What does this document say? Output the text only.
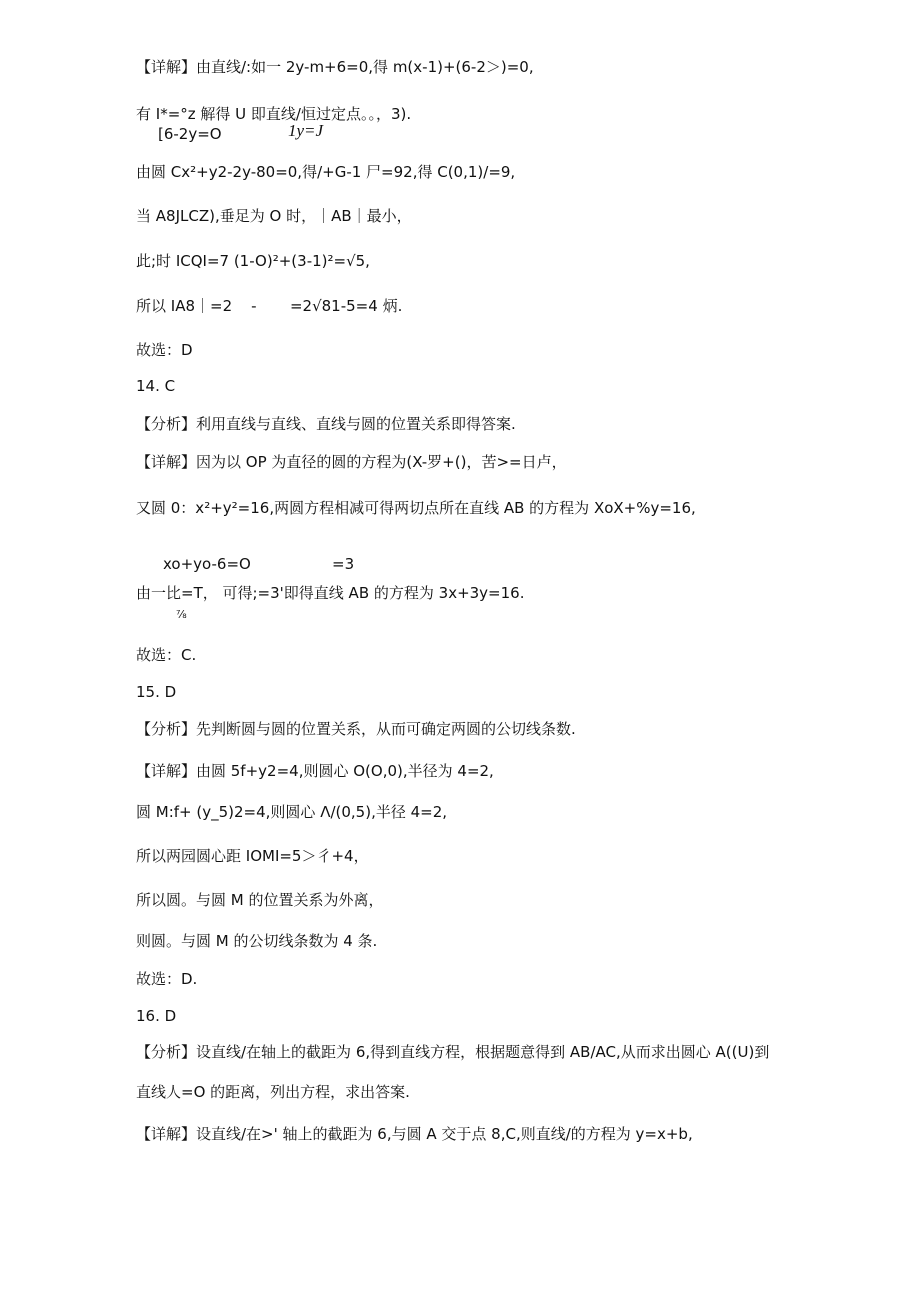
【详解】由直线/:如一 2y-m+6=0,得 m(x-1)+(6-2＞)=0,
有 I*=°z 解得 U 即直线/恒过定点。。，3).
[6-2y=O	1y=J
由圆 Cx²+y2-2y-80=0,得/+G-1 尸=92,得 C(0,1)/=9,
当 A8JLCZ),垂足为 O 时，｜AB｜最小，
此;时 ICQI=7 (1-O)²+(3-1)²=√5,
所以 IA8｜=2    -       =2√81-5=4 炳.
故选：D
14. C
【分析】利用直线与直线、直线与圆的位置关系即得答案.
【详解】因为以 OP 为直径的圆的方程为(X-罗+()，苦>=日卢，
又圆 0：x²+y²=16,两圆方程相减可得两切点所在直线 AB 的方程为 XoX+%y=16,
xo+yo-6=O	=3
由一比=T， 可得;=3'即得直线 AB 的方程为 3x+3y=16.
⅞
故选：C.
15. D
【分析】先判断圆与圆的位置关系，从而可确定两圆的公切线条数.
【详解】由圆 5f+y2=4,则圆心 O(O,0),半径为 4=2,
圆 M:f+ (y_5)2=4,则圆心 Λ/(0,5),半径 4=2,
所以两园圆心距 IOMI=5＞彳+4，
所以圆。与圆 M 的位置关系为外离，
则圆。与圆 M 的公切线条数为 4 条.
故选：D.
16. D
【分析】设直线/在轴上的截距为 6,得到直线方程，根据题意得到 AB/AC,从而求出圆心 A((U)到
直线人=O 的距离，列出方程，求出答案.
【详解】设直线/在>' 轴上的截距为 6,与圆 A 交于点 8,C,则直线/的方程为 y=x+b,
